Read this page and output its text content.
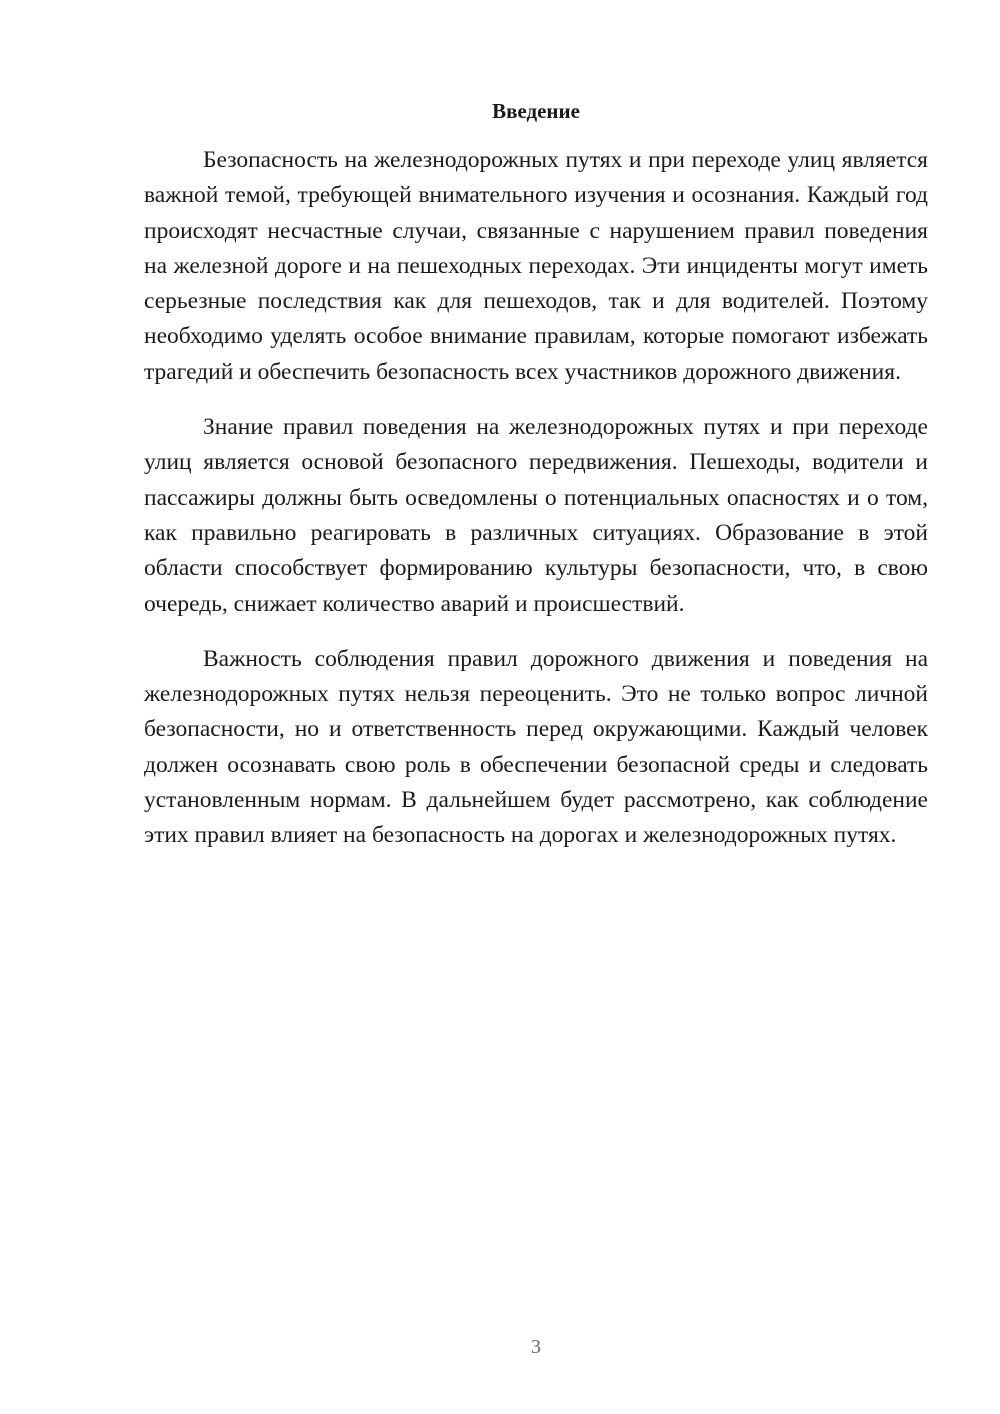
Введение

Безопасность на железнодорожных путях и при переходе улиц является важной темой, требующей внимательного изучения и осознания. Каждый год происходят несчастные случаи, связанные с нарушением правил поведения на железной дороге и на пешеходных переходах. Эти инциденты могут иметь серьезные последствия как для пешеходов, так и для водителей. Поэтому необходимо уделять особое внимание правилам, которые помогают избежать трагедий и обеспечить безопасность всех участников дорожного движения.

Знание правил поведения на железнодорожных путях и при переходе улиц является основой безопасного передвижения. Пешеходы, водители и пассажиры должны быть осведомлены о потенциальных опасностях и о том, как правильно реагировать в различных ситуациях. Образование в этой области способствует формированию культуры безопасности, что, в свою очередь, снижает количество аварий и происшествий.

Важность соблюдения правил дорожного движения и поведения на железнодорожных путях нельзя переоценить. Это не только вопрос личной безопасности, но и ответственность перед окружающими. Каждый человек должен осознавать свою роль в обеспечении безопасной среды и следовать установленным нормам. В дальнейшем будет рассмотрено, как соблюдение этих правил влияет на безопасность на дорогах и железнодорожных путях.

3
